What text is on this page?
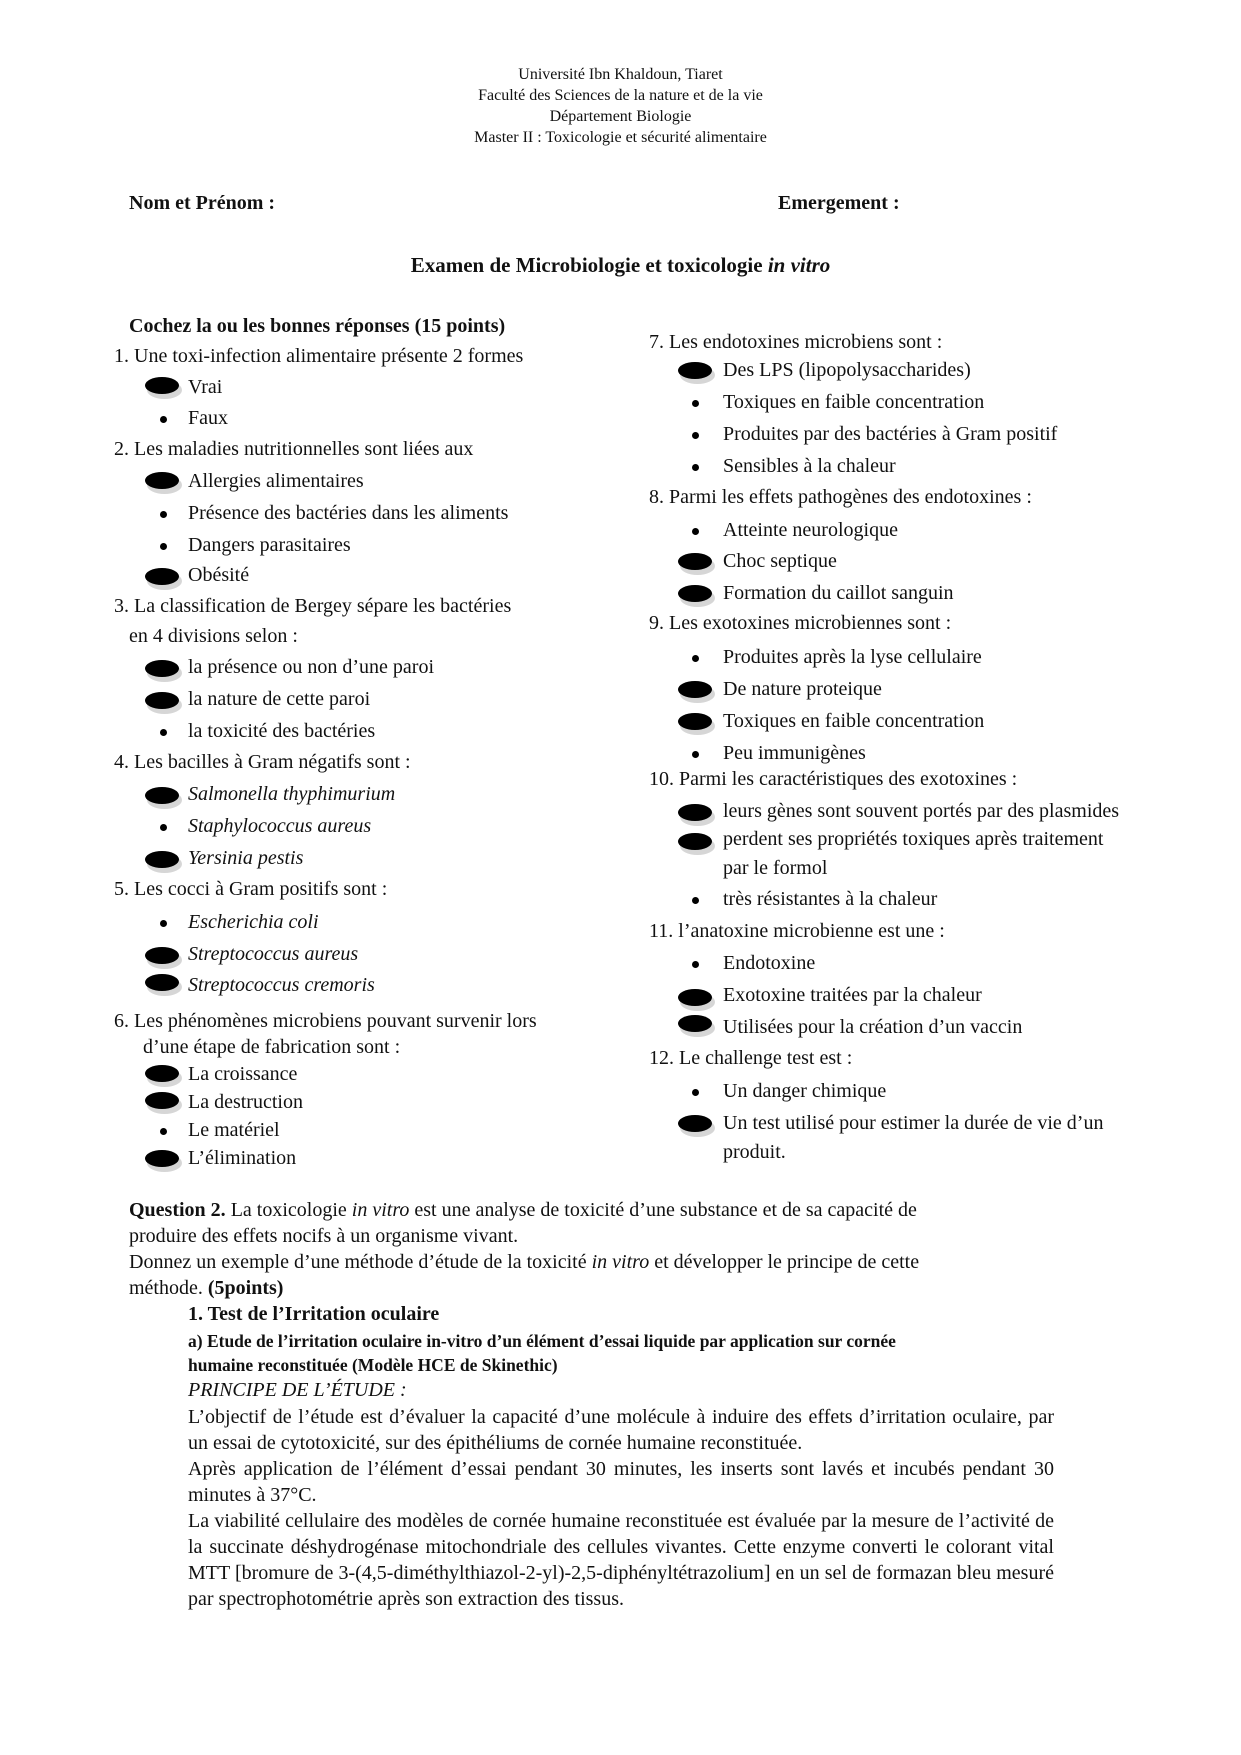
Université Ibn Khaldoun, Tiaret
Faculté des Sciences de la nature et de la vie
Département Biologie
Master II : Toxicologie et sécurité alimentaire
Nom et Prénom :	Emergement :
Examen de Microbiologie et toxicologie in vitro
Cochez la ou les bonnes réponses (15 points)
1. Une toxi-infection alimentaire présente 2 formes
Vrai
Faux
2. Les maladies nutritionnelles sont liées aux
Allergies alimentaires
Présence des bactéries dans les aliments
Dangers parasitaires
Obésité
3. La classification de Bergey sépare les bactéries
en 4 divisions selon :
la présence ou non d’une paroi
la nature de cette paroi
la toxicité des bactéries
4. Les bacilles à Gram négatifs sont :
Salmonella thyphimurium
Staphylococcus aureus
Yersinia pestis
5. Les cocci à Gram positifs sont :
Escherichia coli
Streptococcus aureus
Streptococcus cremoris
6. Les phénomènes microbiens pouvant survenir lors
d’une étape de fabrication sont :
La croissance
La destruction
Le matériel
L’élimination
7. Les endotoxines microbiens sont :
Des LPS (lipopolysaccharides)
Toxiques en faible concentration
Produites par des bactéries à Gram positif
Sensibles à la chaleur
8. Parmi les effets pathogènes des endotoxines :
Atteinte neurologique
Choc septique
Formation du caillot sanguin
9. Les exotoxines microbiennes sont :
Produites après la lyse cellulaire
De nature proteique
Toxiques en faible concentration
Peu immunigènes
10. Parmi les caractéristiques des exotoxines :
leurs gènes sont souvent portés par des plasmides
perdent ses propriétés toxiques après traitement
par le formol
très résistantes à la chaleur
11. l’anatoxine microbienne est une :
Endotoxine
Exotoxine traitées par la chaleur
Utilisées pour la création d’un vaccin
12. Le challenge test est :
Un danger chimique
Un test utilisé pour estimer la durée de vie d’un
produit.
Question 2. La toxicologie in vitro est une analyse de toxicité d’une substance et de sa capacité de
produire des effets nocifs à un organisme vivant.
Donnez un exemple d’une méthode d’étude de la toxicité in vitro et développer le principe de cette
méthode. (5points)
1. Test de l’Irritation oculaire
a) Etude de l’irritation oculaire in-vitro d’un élément d’essai liquide par application sur cornée
humaine reconstituée (Modèle HCE de Skinethic)
PRINCIPE DE L’ÉTUDE :
L’objectif de l’étude est d’évaluer la capacité d’une molécule à induire des effets d’irritation oculaire, par un essai de cytotoxicité, sur des épithéliums de cornée humaine reconstituée.
Après application de l’élément d’essai pendant 30 minutes, les inserts sont lavés et incubés pendant 30 minutes à 37°C.
La viabilité cellulaire des modèles de cornée humaine reconstituée est évaluée par la mesure de l’activité de la succinate déshydrogénase mitochondriale des cellules vivantes. Cette enzyme converti le colorant vital MTT [bromure de 3-(4,5-diméthylthiazol-2-yl)-2,5-diphényltétrazolium] en un sel de formazan bleu mesuré par spectrophotométrie après son extraction des tissus.
